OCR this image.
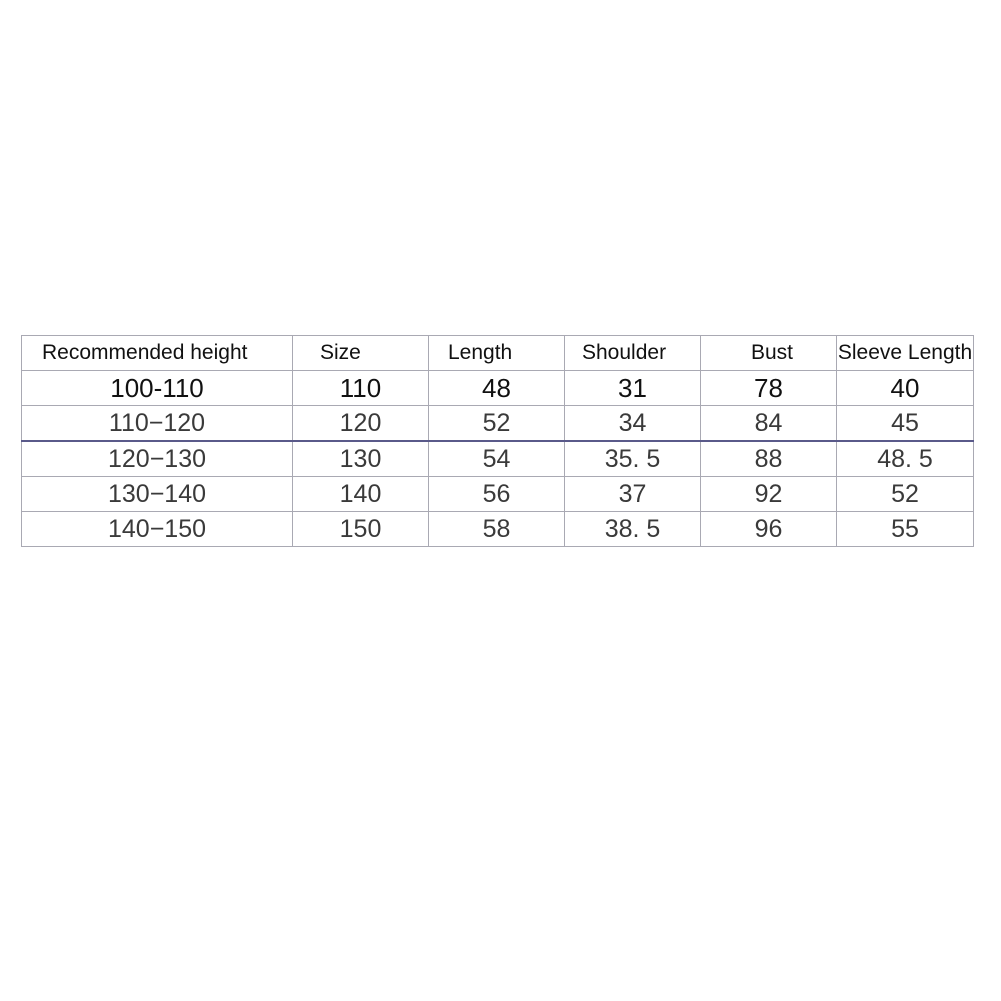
Recommended height	Size	Length	Shoulder	Bust	Sleeve Length
100-110	110	48	31	78	40
110−120	120	52	34	84	45
120−130	130	54	35. 5	88	48. 5
130−140	140	56	37	92	52
140−150	150	58	38. 5	96	55
